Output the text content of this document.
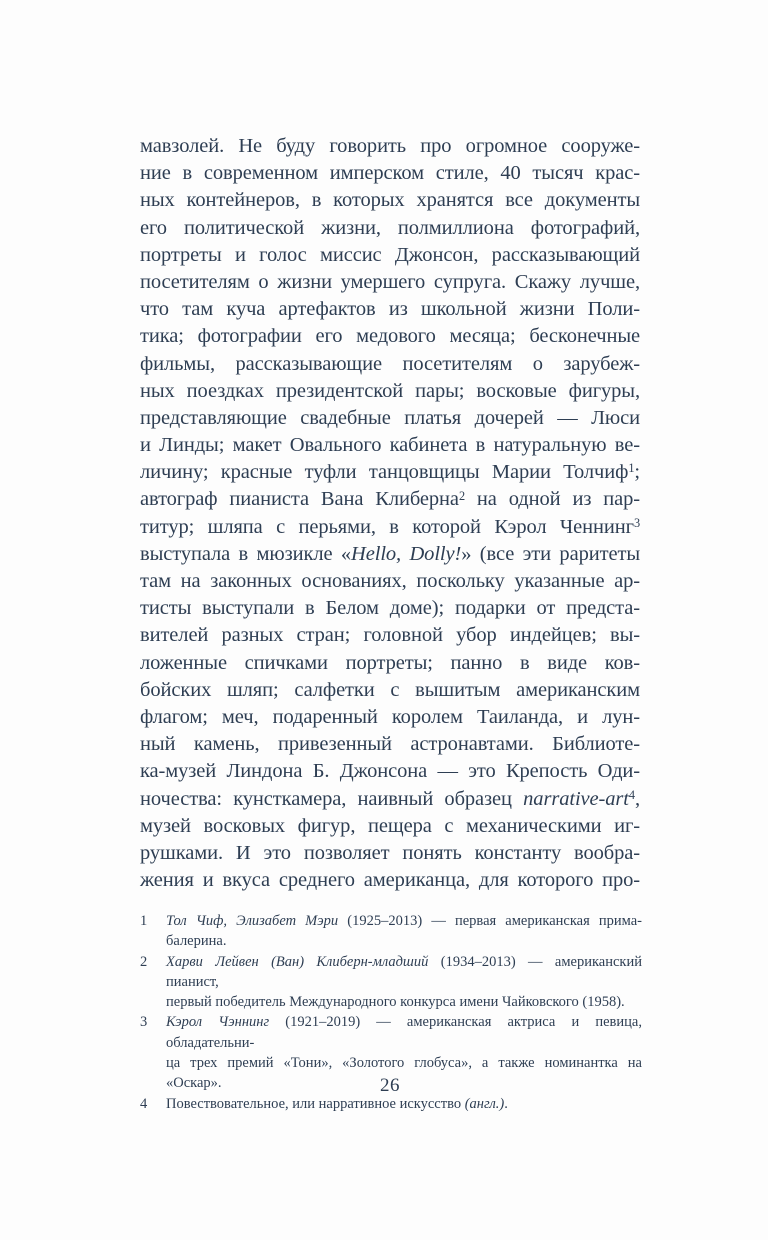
мавзолей. Не буду говорить про огромное сооруже-
ние в современном имперском стиле, 40 тысяч крас-
ных контейнеров, в которых хранятся все документы
его политической жизни, полмиллиона фотографий,
портреты и голос миссис Джонсон, рассказывающий
посетителям о жизни умершего супруга. Скажу лучше,
что там куча артефактов из школьной жизни Поли-
тика; фотографии его медового месяца; бесконечные
фильмы, рассказывающие посетителям о зарубеж-
ных поездках президентской пары; восковые фигуры,
представляющие свадебные платья дочерей — Люси
и Линды; макет Овального кабинета в натуральную ве-
личину; красные туфли танцовщицы Марии Толчиф$^1$;
автограф пианиста Вана Клиберна$^2$ на одной из пар-
титур; шляпа с перьями, в которой Кэрол Ченнинг$^3$
выступала в мюзикле «Hello, Dolly!» (все эти раритеты
там на законных основаниях, поскольку указанные ар-
тисты выступали в Белом доме); подарки от предста-
вителей разных стран; головной убор индейцев; вы-
ложенные спичками портреты; панно в виде ков-
бойских шляп; салфетки с вышитым американским
флагом; меч, подаренный королем Таиланда, и лун-
ный камень, привезенный астронавтами. Библиоте-
ка-музей Линдона Б. Джонсона — это Крепость Оди-
ночества: кунсткамера, наивный образец narrative-art$^4$,
музей восковых фигур, пещера с механическими иг-
рушками. И это позволяет понять константу вообра-
жения и вкуса среднего американца, для которого про-
1	Тол Чиф, Элизабет Мэри (1925–2013) — первая американская прима-балерина.
2	Харви Лейвен (Ван) Клиберн-младший (1934–2013) — американский пианист,
первый победитель Международного конкурса имени Чайковского (1958).
3	Кэрол Чэннинг (1921–2019) — американская актриса и певица, обладательни-
ца трех премий «Тони», «Золотого глобуса», а также номинантка на «Оскар».
4	Повествовательное, или нарративное искусство (англ.).
26
